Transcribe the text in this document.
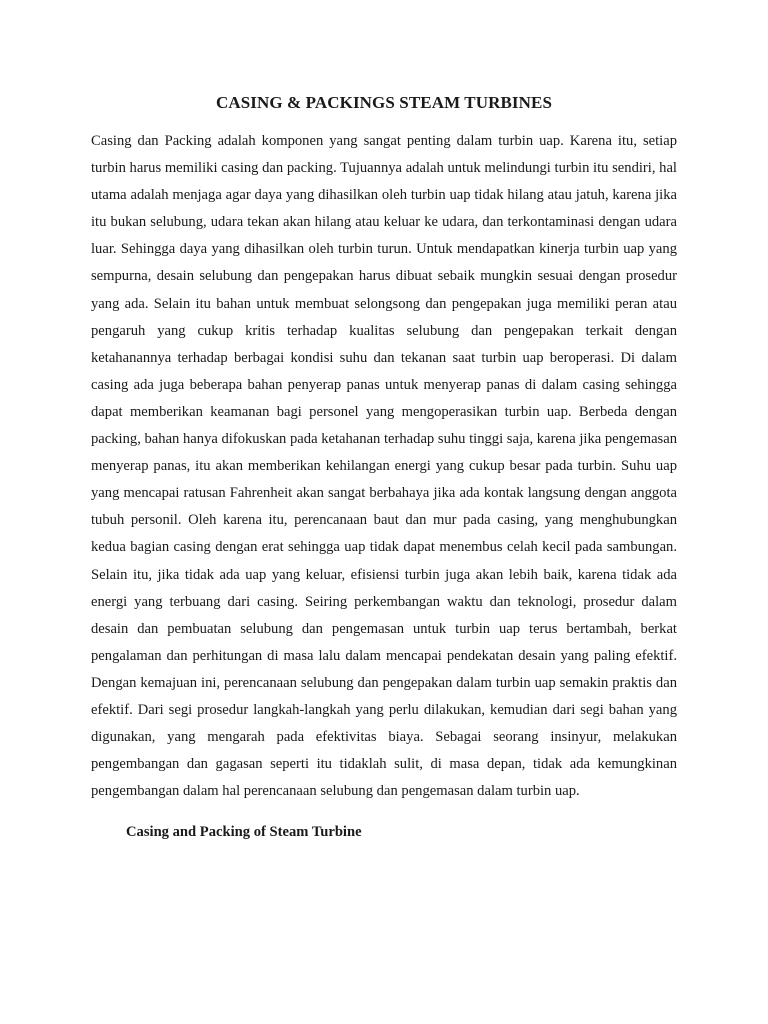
CASING & PACKINGS STEAM TURBINES

Casing dan Packing adalah komponen yang sangat penting dalam turbin uap. Karena itu, setiap turbin harus memiliki casing dan packing. Tujuannya adalah untuk melindungi turbin itu sendiri, hal utama adalah menjaga agar daya yang dihasilkan oleh turbin uap tidak hilang atau jatuh, karena jika itu bukan selubung, udara tekan akan hilang atau keluar ke udara, dan terkontaminasi dengan udara luar. Sehingga daya yang dihasilkan oleh turbin turun. Untuk mendapatkan kinerja turbin uap yang sempurna, desain selubung dan pengepakan harus dibuat sebaik mungkin sesuai dengan prosedur yang ada. Selain itu bahan untuk membuat selongsong dan pengepakan juga memiliki peran atau pengaruh yang cukup kritis terhadap kualitas selubung dan pengepakan terkait dengan ketahanannya terhadap berbagai kondisi suhu dan tekanan saat turbin uap beroperasi. Di dalam casing ada juga beberapa bahan penyerap panas untuk menyerap panas di dalam casing sehingga dapat memberikan keamanan bagi personel yang mengoperasikan turbin uap. Berbeda dengan packing, bahan hanya difokuskan pada ketahanan terhadap suhu tinggi saja, karena jika pengemasan menyerap panas, itu akan memberikan kehilangan energi yang cukup besar pada turbin. Suhu uap yang mencapai ratusan Fahrenheit akan sangat berbahaya jika ada kontak langsung dengan anggota tubuh personil. Oleh karena itu, perencanaan baut dan mur pada casing, yang menghubungkan kedua bagian casing dengan erat sehingga uap tidak dapat menembus celah kecil pada sambungan. Selain itu, jika tidak ada uap yang keluar, efisiensi turbin juga akan lebih baik, karena tidak ada energi yang terbuang dari casing. Seiring perkembangan waktu dan teknologi, prosedur dalam desain dan pembuatan selubung dan pengemasan untuk turbin uap terus bertambah, berkat pengalaman dan perhitungan di masa lalu dalam mencapai pendekatan desain yang paling efektif. Dengan kemajuan ini, perencanaan selubung dan pengepakan dalam turbin uap semakin praktis dan efektif. Dari segi prosedur langkah-langkah yang perlu dilakukan, kemudian dari segi bahan yang digunakan, yang mengarah pada efektivitas biaya. Sebagai seorang insinyur, melakukan pengembangan dan gagasan seperti itu tidaklah sulit, di masa depan, tidak ada kemungkinan pengembangan dalam hal perencanaan selubung dan pengemasan dalam turbin uap.

Casing and Packing of Steam Turbine
